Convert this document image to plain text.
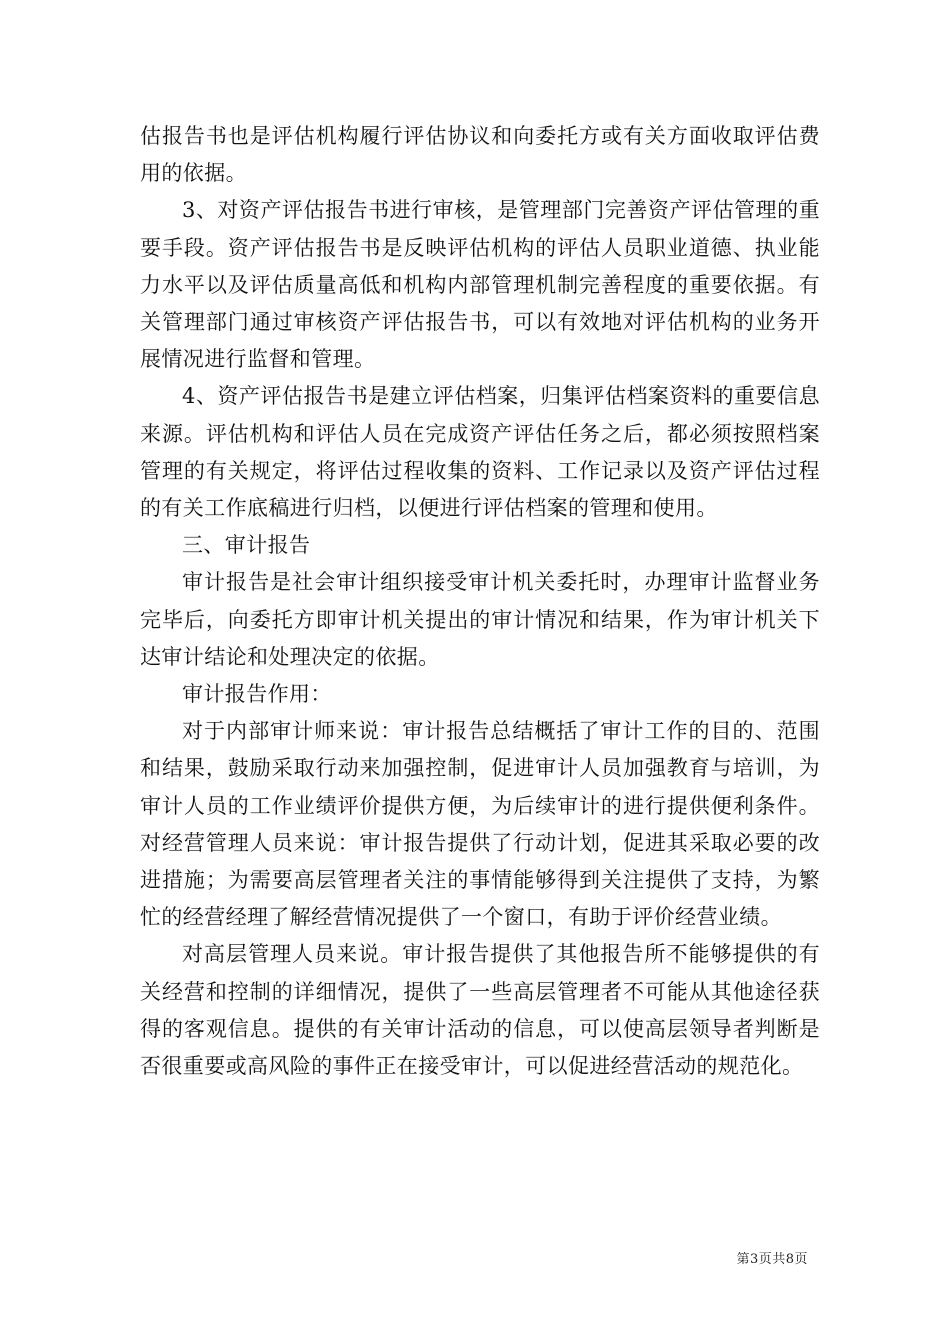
估报告书也是评估机构履行评估协议和向委托方或有关方面收取评估费用的依据。

3、对资产评估报告书进行审核，是管理部门完善资产评估管理的重要手段。资产评估报告书是反映评估机构的评估人员职业道德、执业能力水平以及评估质量高低和机构内部管理机制完善程度的重要依据。有关管理部门通过审核资产评估报告书，可以有效地对评估机构的业务开展情况进行监督和管理。

4、资产评估报告书是建立评估档案，归集评估档案资料的重要信息来源。评估机构和评估人员在完成资产评估任务之后，都必须按照档案管理的有关规定，将评估过程收集的资料、工作记录以及资产评估过程的有关工作底稿进行归档，以便进行评估档案的管理和使用。

三、审计报告

审计报告是社会审计组织接受审计机关委托时，办理审计监督业务完毕后，向委托方即审计机关提出的审计情况和结果，作为审计机关下达审计结论和处理决定的依据。

审计报告作用：

对于内部审计师来说：审计报告总结概括了审计工作的目的、范围和结果，鼓励采取行动来加强控制，促进审计人员加强教育与培训，为审计人员的工作业绩评价提供方便，为后续审计的进行提供便利条件。对经营管理人员来说：审计报告提供了行动计划，促进其采取必要的改进措施；为需要高层管理者关注的事情能够得到关注提供了支持，为繁忙的经营经理了解经营情况提供了一个窗口，有助于评价经营业绩。

对高层管理人员来说。审计报告提供了其他报告所不能够提供的有关经营和控制的详细情况，提供了一些高层管理者不可能从其他途径获得的客观信息。提供的有关审计活动的信息，可以使高层领导者判断是否很重要或高风险的事件正在接受审计，可以促进经营活动的规范化。

第3页共8页
